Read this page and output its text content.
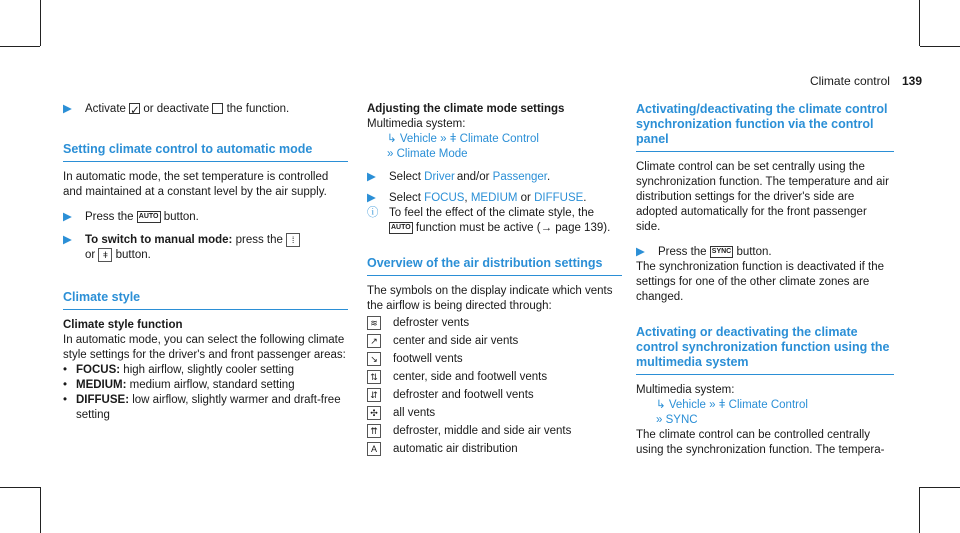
Climate control 139
▶	Activate ✓ or deactivate the function.
Setting climate control to automatic mode

In automatic mode, the set temperature is controlled and maintained at a constant level by the air supply.

▶	Press the AUTO button.
▶	To switch to manual mode: press the ⁞
or ǂ button.
Climate style
Climate style function

In automatic mode, you can select the following climate style settings for the driver's and front passenger areas:

• FOCUS: high airflow, slightly cooler setting
• MEDIUM: medium airflow, standard setting
• DIFFUSE: low airflow, slightly warmer and draft-free setting
Adjusting the climate mode settings

Multimedia system:

↳ Vehicle » ǂ Climate Control
» Climate Mode
▶	Select Driver and/or Passenger.
▶	Select FOCUS, MEDIUM or DIFFUSE.
ⓘ To feel the effect of the climate style, the
AUTO function must be active (→ page 139).
Overview of the air distribution settings

The symbols on the display indicate which vents the airflow is being directed through:

≋ defroster vents
↗ center and side air vents
↘ footwell vents
⇅ center, side and footwell vents
⇵ defroster and footwell vents
✣ all vents
⇈ defroster, middle and side air vents
A	automatic air distribution
Activating/deactivating the climate control synchronization function via the control panel

Climate control can be set centrally using the synchronization function. The temperature and air distribution settings for the driver's side are adopted automatically for the front passenger side.

▶	Press the SYNC button.

The synchronization function is deactivated if the settings for one of the other climate zones are changed.

Activating or deactivating the climate control synchronization function using the multimedia system

Multimedia system:

↳ Vehicle » ǂ Climate Control
» SYNC

The climate control can be controlled centrally using the synchronization function. The tempera-
